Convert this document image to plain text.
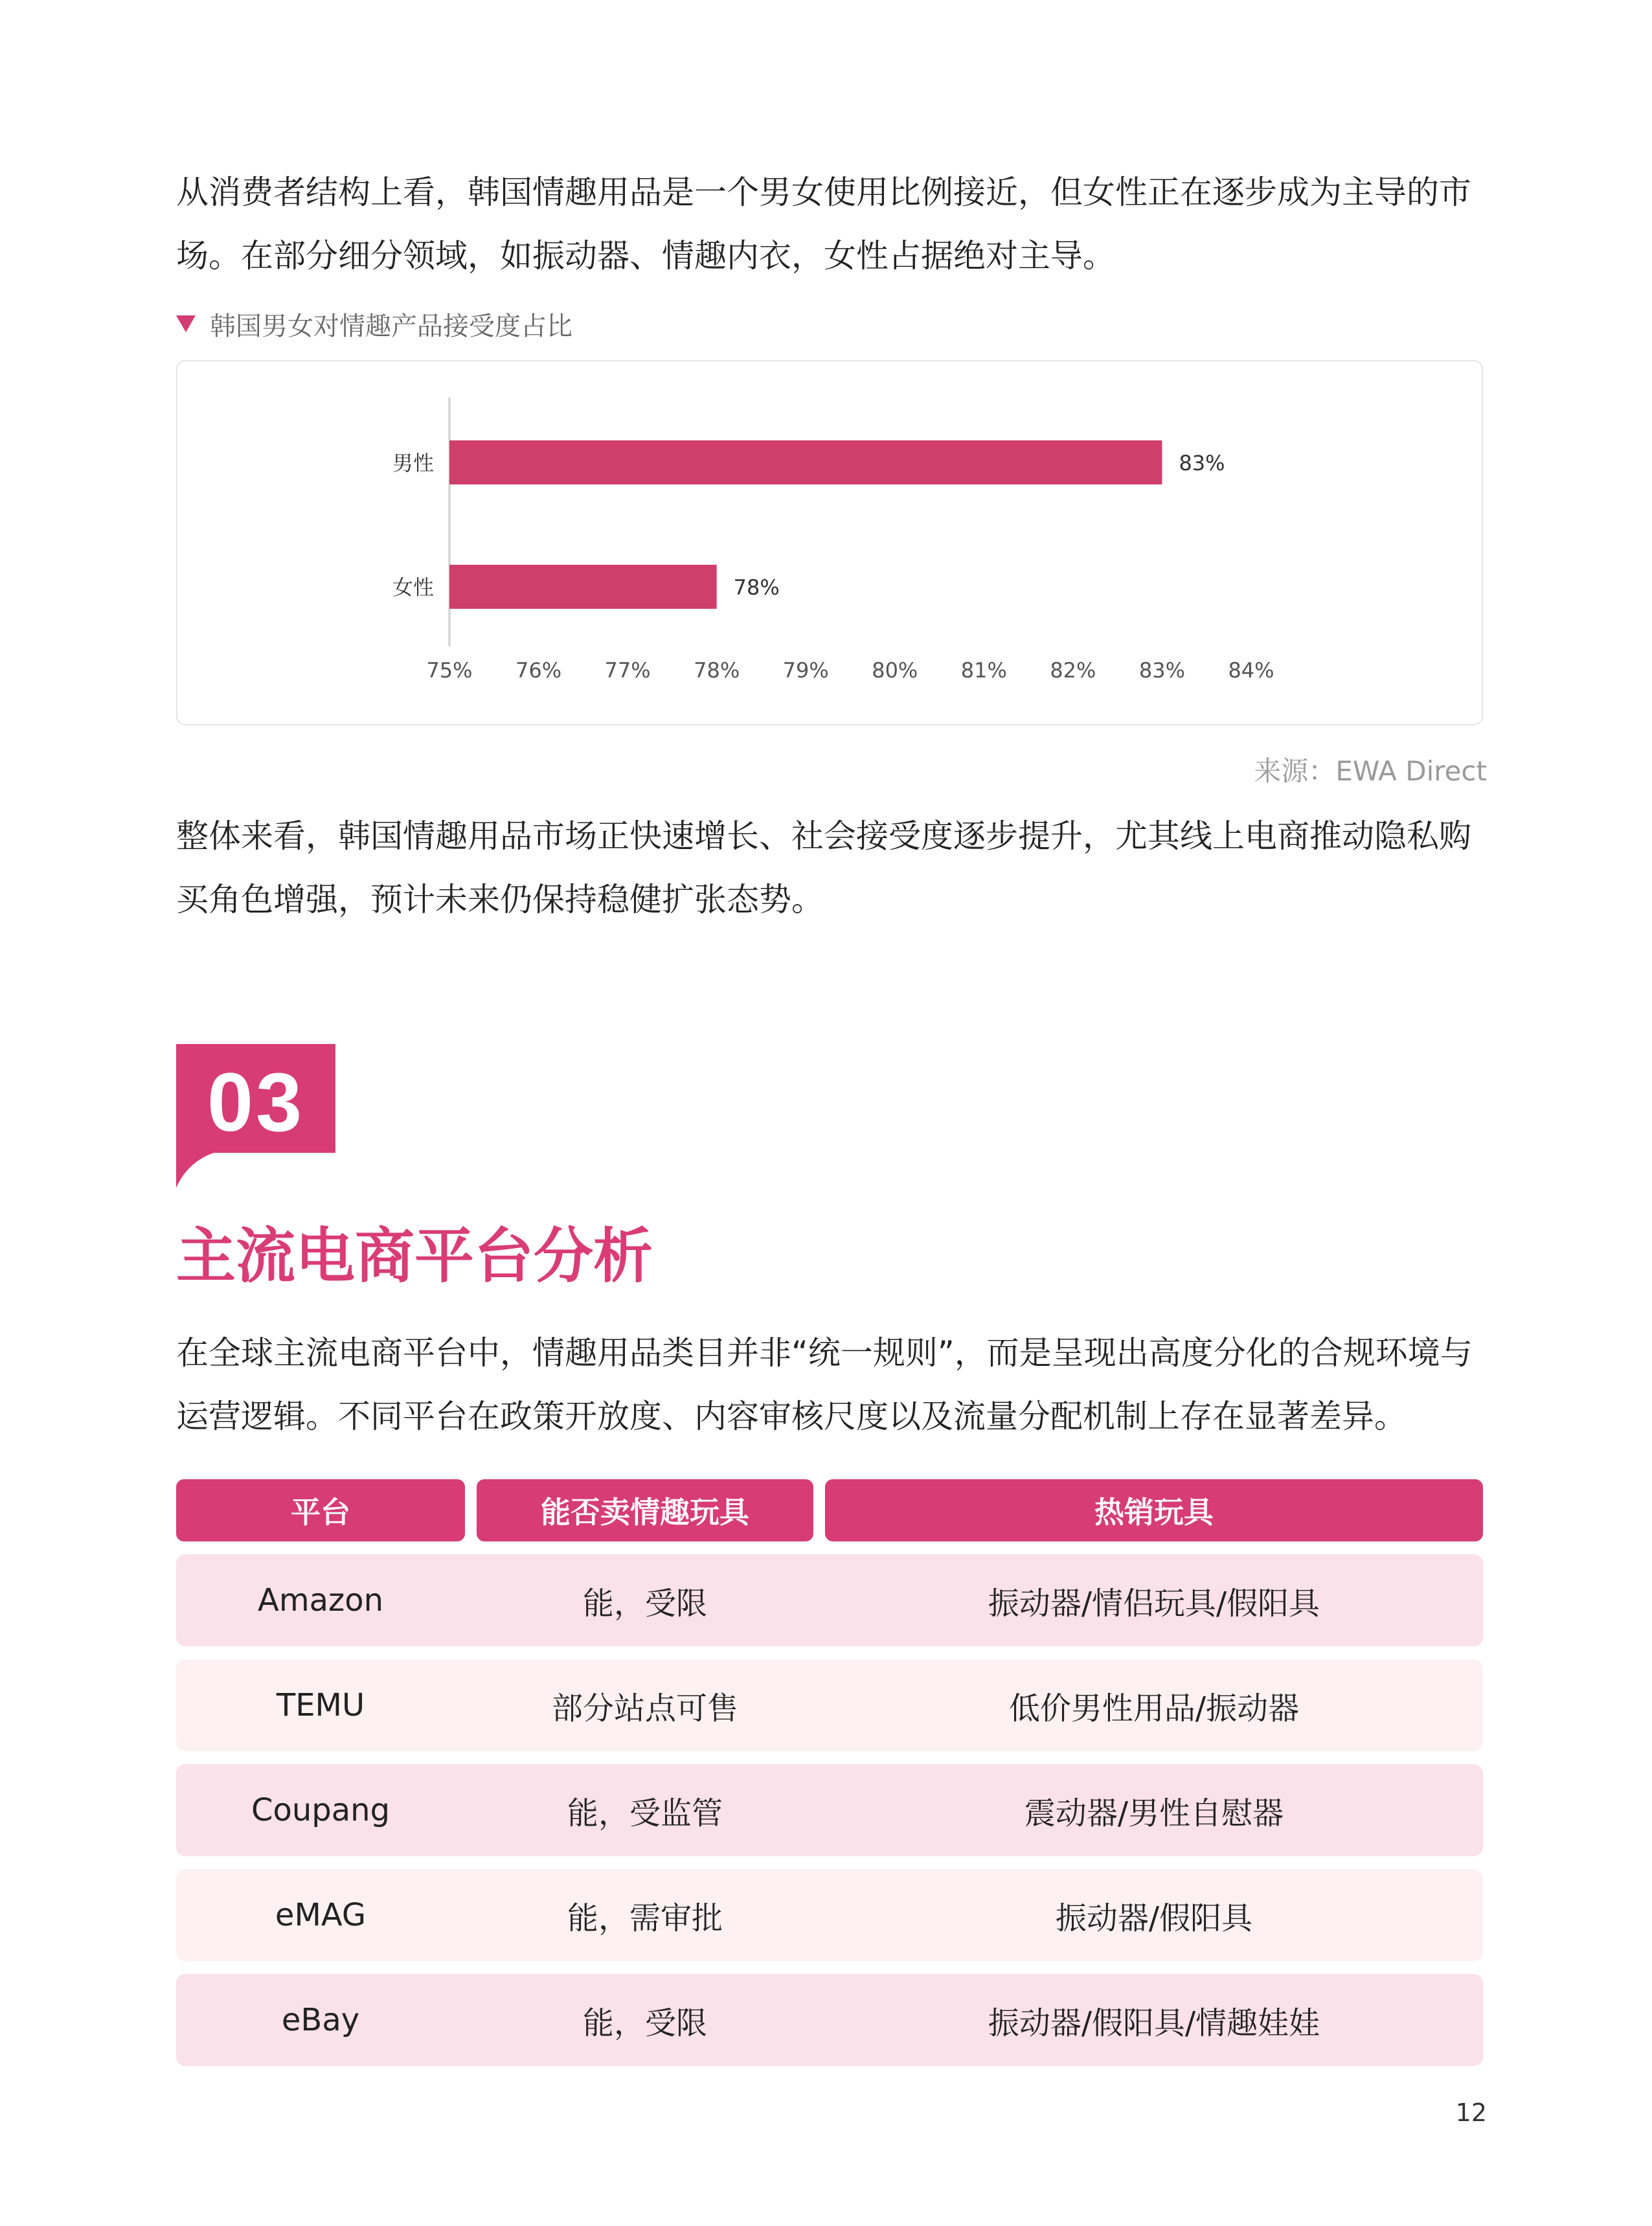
从消费者结构上看，韩国情趣用品是一个男女使用比例接近，但女性正在逐步成为主导的市场。在部分细分领域，如振动器、情趣内衣，女性占据绝对主导。
韩国男女对情趣产品接受度占比
男性	83%
女性	78%
75% 76% 77% 78% 79% 80% 81% 82% 83% 84%
来源：EWA Direct
整体来看，韩国情趣用品市场正快速增长、社会接受度逐步提升，尤其线上电商推动隐私购买角色增强，预计未来仍保持稳健扩张态势。
03
主流电商平台分析
在全球主流电商平台中，情趣用品类目并非“统一规则”，而是呈现出高度分化的合规环境与运营逻辑。不同平台在政策开放度、内容审核尺度以及流量分配机制上存在显著差异。
平台	能否卖情趣玩具	热销玩具
Amazon	能，受限	振动器/情侣玩具/假阳具
TEMU	部分站点可售	低价男性用品/振动器
Coupang	能，受监管	震动器/男性自慰器
eMAG	能，需审批	振动器/假阳具
eBay	能，受限	振动器/假阳具/情趣娃娃
12
